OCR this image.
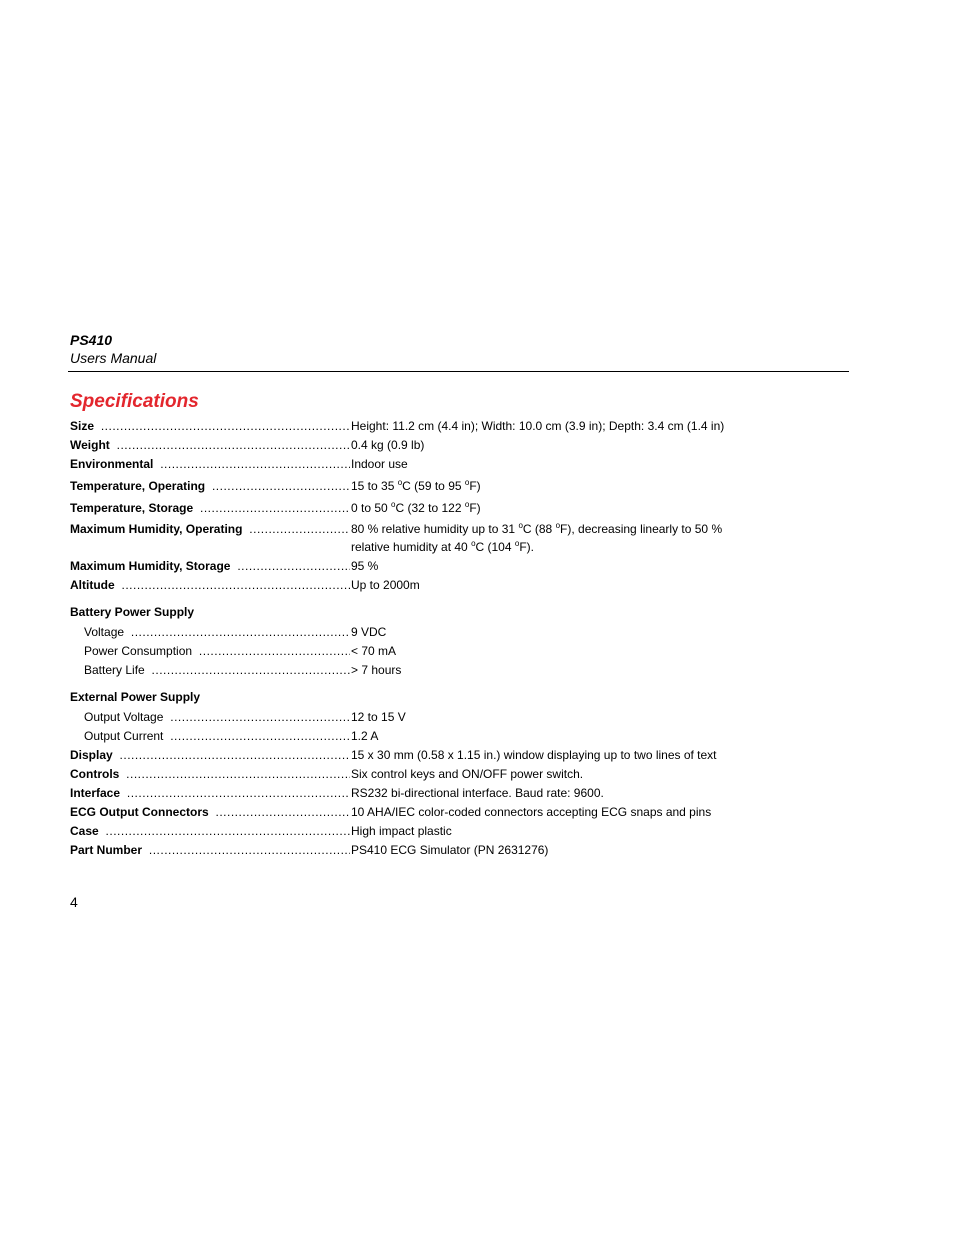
PS410
Users Manual
Specifications
Size .....	Height: 11.2 cm (4.4 in); Width: 10.0 cm (3.9 in); Depth: 3.4 cm (1.4 in)
Weight .....	0.4 kg (0.9 lb)
Environmental .....	Indoor use
Temperature, Operating .....	15 to 35 $^o$C (59 to 95 $^o$F)
Temperature, Storage .....	0 to 50 $^o$C (32 to 122 $^o$F)
Maximum Humidity, Operating .....	80 % relative humidity up to 31 $^o$C (88 $^o$F), decreasing linearly to 50 %
relative humidity at 40 $^o$C (104 $^o$F).
Maximum Humidity, Storage .....	95 %
Altitude .....	Up to 2000m
Battery Power Supply
Voltage .....	9 VDC
Power Consumption .....	< 70 mA
Battery Life .....	> 7 hours
External Power Supply
Output Voltage .....	12 to 15 V
Output Current .....	1.2 A
Display .....	15 x 30 mm (0.58 x 1.15 in.) window displaying up to two lines of text
Controls .....	Six control keys and ON/OFF power switch.
Interface .....	RS232 bi-directional interface. Baud rate: 9600.
ECG Output Connectors .....	10 AHA/IEC color-coded connectors accepting ECG snaps and pins
Case .....	High impact plastic
Part Number .....	PS410 ECG Simulator (PN 2631276)
4
